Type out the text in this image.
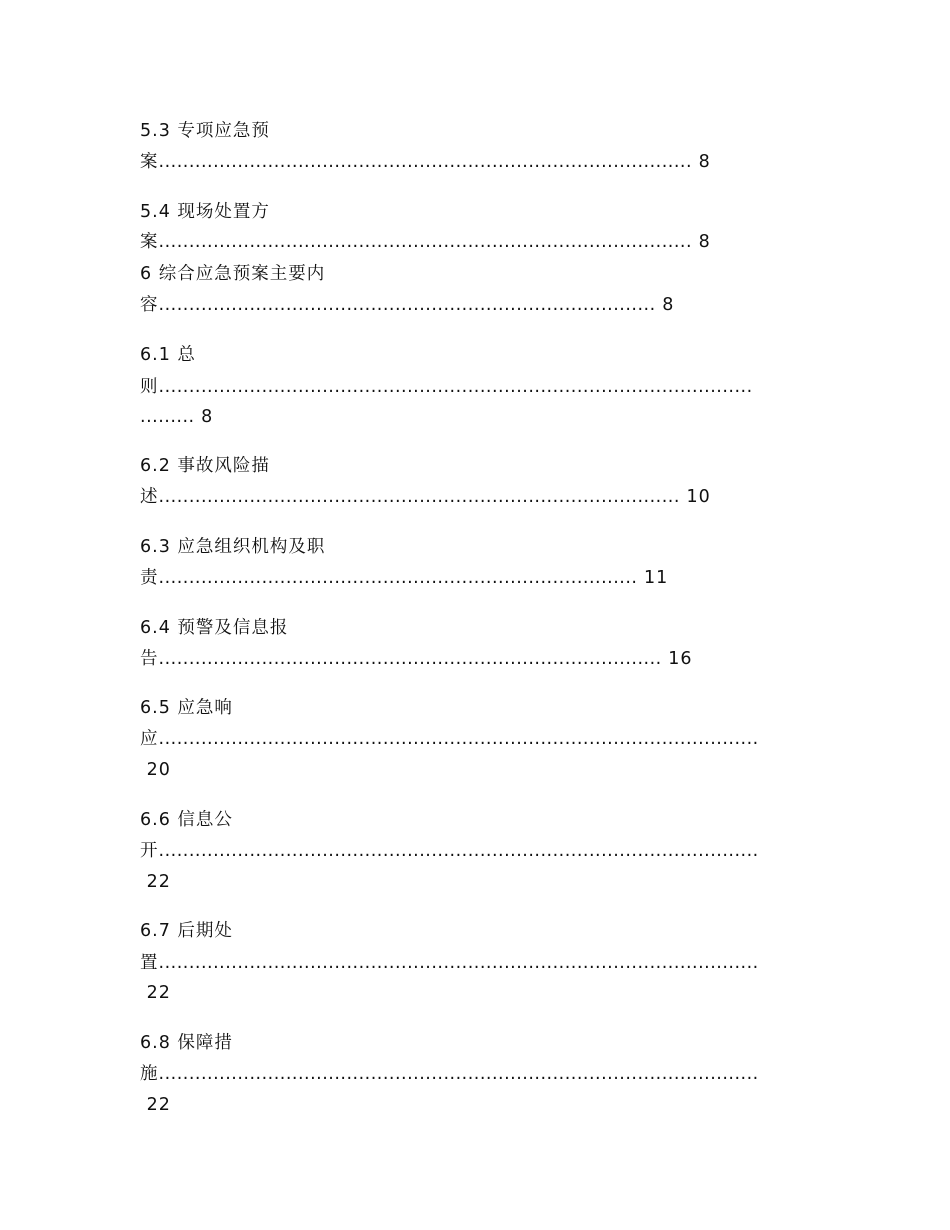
5.3 专项应急预
案........................................................................................ 8
5.4 现场处置方
案........................................................................................ 8
6 综合应急预案主要内
容.................................................................................. 8
6.1 总
则..................................................................................................
......... 8
6.2 事故风险描
述...................................................................................... 10
6.3 应急组织机构及职
责............................................................................... 11
6.4 预警及信息报
告................................................................................... 16
6.5 应急响
应...................................................................................................
20
6.6 信息公
开...................................................................................................
22
6.7 后期处
置...................................................................................................
22
6.8 保障措
施...................................................................................................
22
